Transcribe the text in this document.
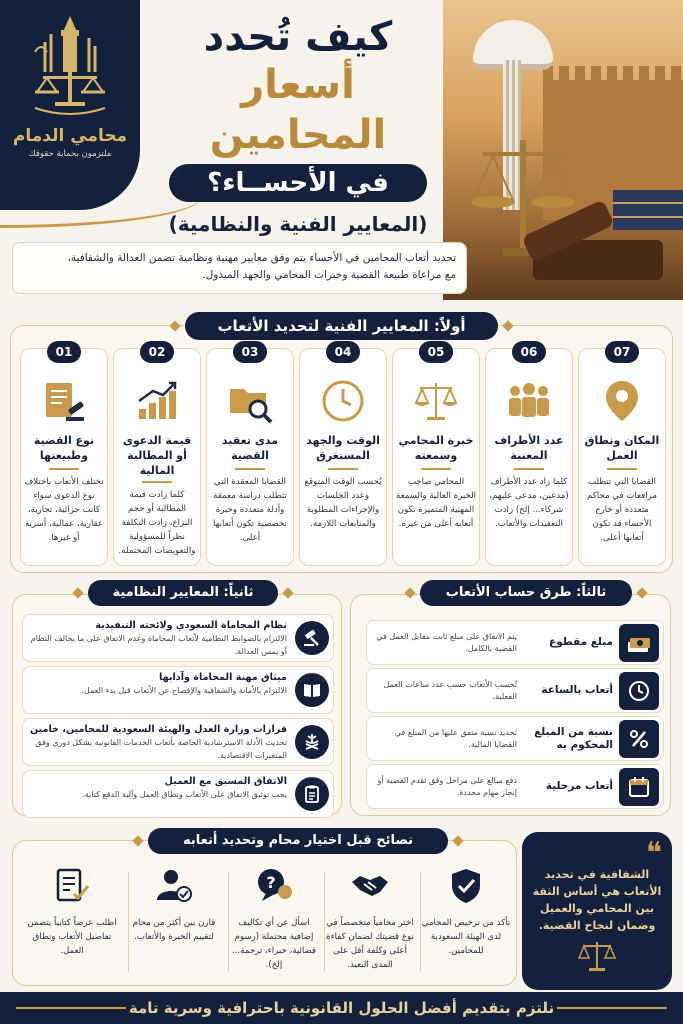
محامي الدمام
ملتزمون بحماية حقوقك
كيف تُحدد
أسعار المحامين
في الأحســاء؟
(المعايير الفنية والنظامية)
تحديد أتعاب المحامين في الأحساء يتم وفق معايير مهنية ونظامية تضمن العدالة والشفافية،
مع مراعاة طبيعة القضية وخبرات المحامي والجهد المبذول.
أولاً: المعايير الفنية لتحديد الأتعاب
07
المكان ونطاق العمل
القضايا التي تتطلب مرافعات في محاكم متعددة أو خارج الأحساء قد تكون أتعابها أعلى.
06
عدد الأطراف المعنية
كلما زاد عدد الأطراف (مدعين، مدعى عليهم، شركاء... إلخ) زادت التعقيدات والأتعاب.
05
خبرة المحامي وسمعته
المحامي صاحب الخبرة العالية والسمعة المهنية المتميزة تكون أتعابه أعلى من غيره.
04
الوقت والجهد المستغرق
يُحسب الوقت المتوقع وعدد الجلسات والإجراءات المطلوبة والمتابعات اللازمة.
03
مدى تعقيد القضية
القضايا المعقدة التي تتطلب دراسة معمقة وأدلة متعددة وخبرة تخصصية تكون أتعابها أعلى.
02
قيمة الدعوى أو المطالبة المالية
كلما زادت قيمة المطالبة أو حجم النزاع، زادت التكلفة نظراً للمسؤولية والتعويضات المحتملة.
01
نوع القضية وطبيعتها
تختلف الأتعاب باختلاف نوع الدعوى سواء كانت جزائية، تجارية، عقارية، عمالية، أسرية أو غيرها.
ثانياً: المعايير النظامية
نظام المحاماة السعودي ولائحته التنفيذية
الالتزام بالضوابط النظامية لأتعاب المحاماة وعدم الاتفاق على ما يخالف النظام أو يمس العدالة.
ميثاق مهنة المحاماة وآدابها
الالتزام بالأمانة والشفافية والإفصاح عن الأتعاب قبل بدء العمل.
قرارات وزارة العدل والهيئة السعودية للمحامين، خامين
تحديث الأدلة الاسترشادية الخاصة بأتعاب الخدمات القانونية بشكل دوري وفق المتغيرات الاقتصادية.
الاتفاق المسبق مع العميل
يجب توثيق الاتفاق على الأتعاب ونطاق العمل وآلية الدفع كتابة.
ثالثاً: طرق حساب الأتعاب
مبلغ مقطوع
يتم الاتفاق على مبلغ ثابت مقابل العمل في القضية بالكامل.
أتعاب بالساعة
تُحسب الأتعاب حسب عدد ساعات العمل الفعلية.
نسبة من المبلغ المحكوم به
تحديد نسبة متفق عليها من المبلغ في القضايا المالية.
أتعاب مرحلية
دفع مبالغ على مراحل وفق تقدم القضية أو إنجاز مهام محددة.
نصائح قبل اختيار محام وتحديد أتعابه
تأكد من ترخيص المحامي لدى الهيئة السعودية للمحامين.
اختر محامياً متخصصاً في نوع قضيتك لضمان كفاءة أعلى وكلفة أقل على المدى البعيد.
?
اسأل عن أي تكاليف إضافية محتملة (رسوم قضائية، خبراء، ترجمة... إلخ).
قارن بين أكثر من محام لتقييم الخبرة والأتعاب.
اطلب عرضاً كتابياً يتضمن تفاصيل الأتعاب ونطاق العمل.
❝
الشفافية في تحديد الأتعاب هي أساس الثقة بين المحامي والعميل وضمان لنجاح القضية.
نلتزم بتقديم أفضل الحلول القانونية باحترافية وسرية تامة
